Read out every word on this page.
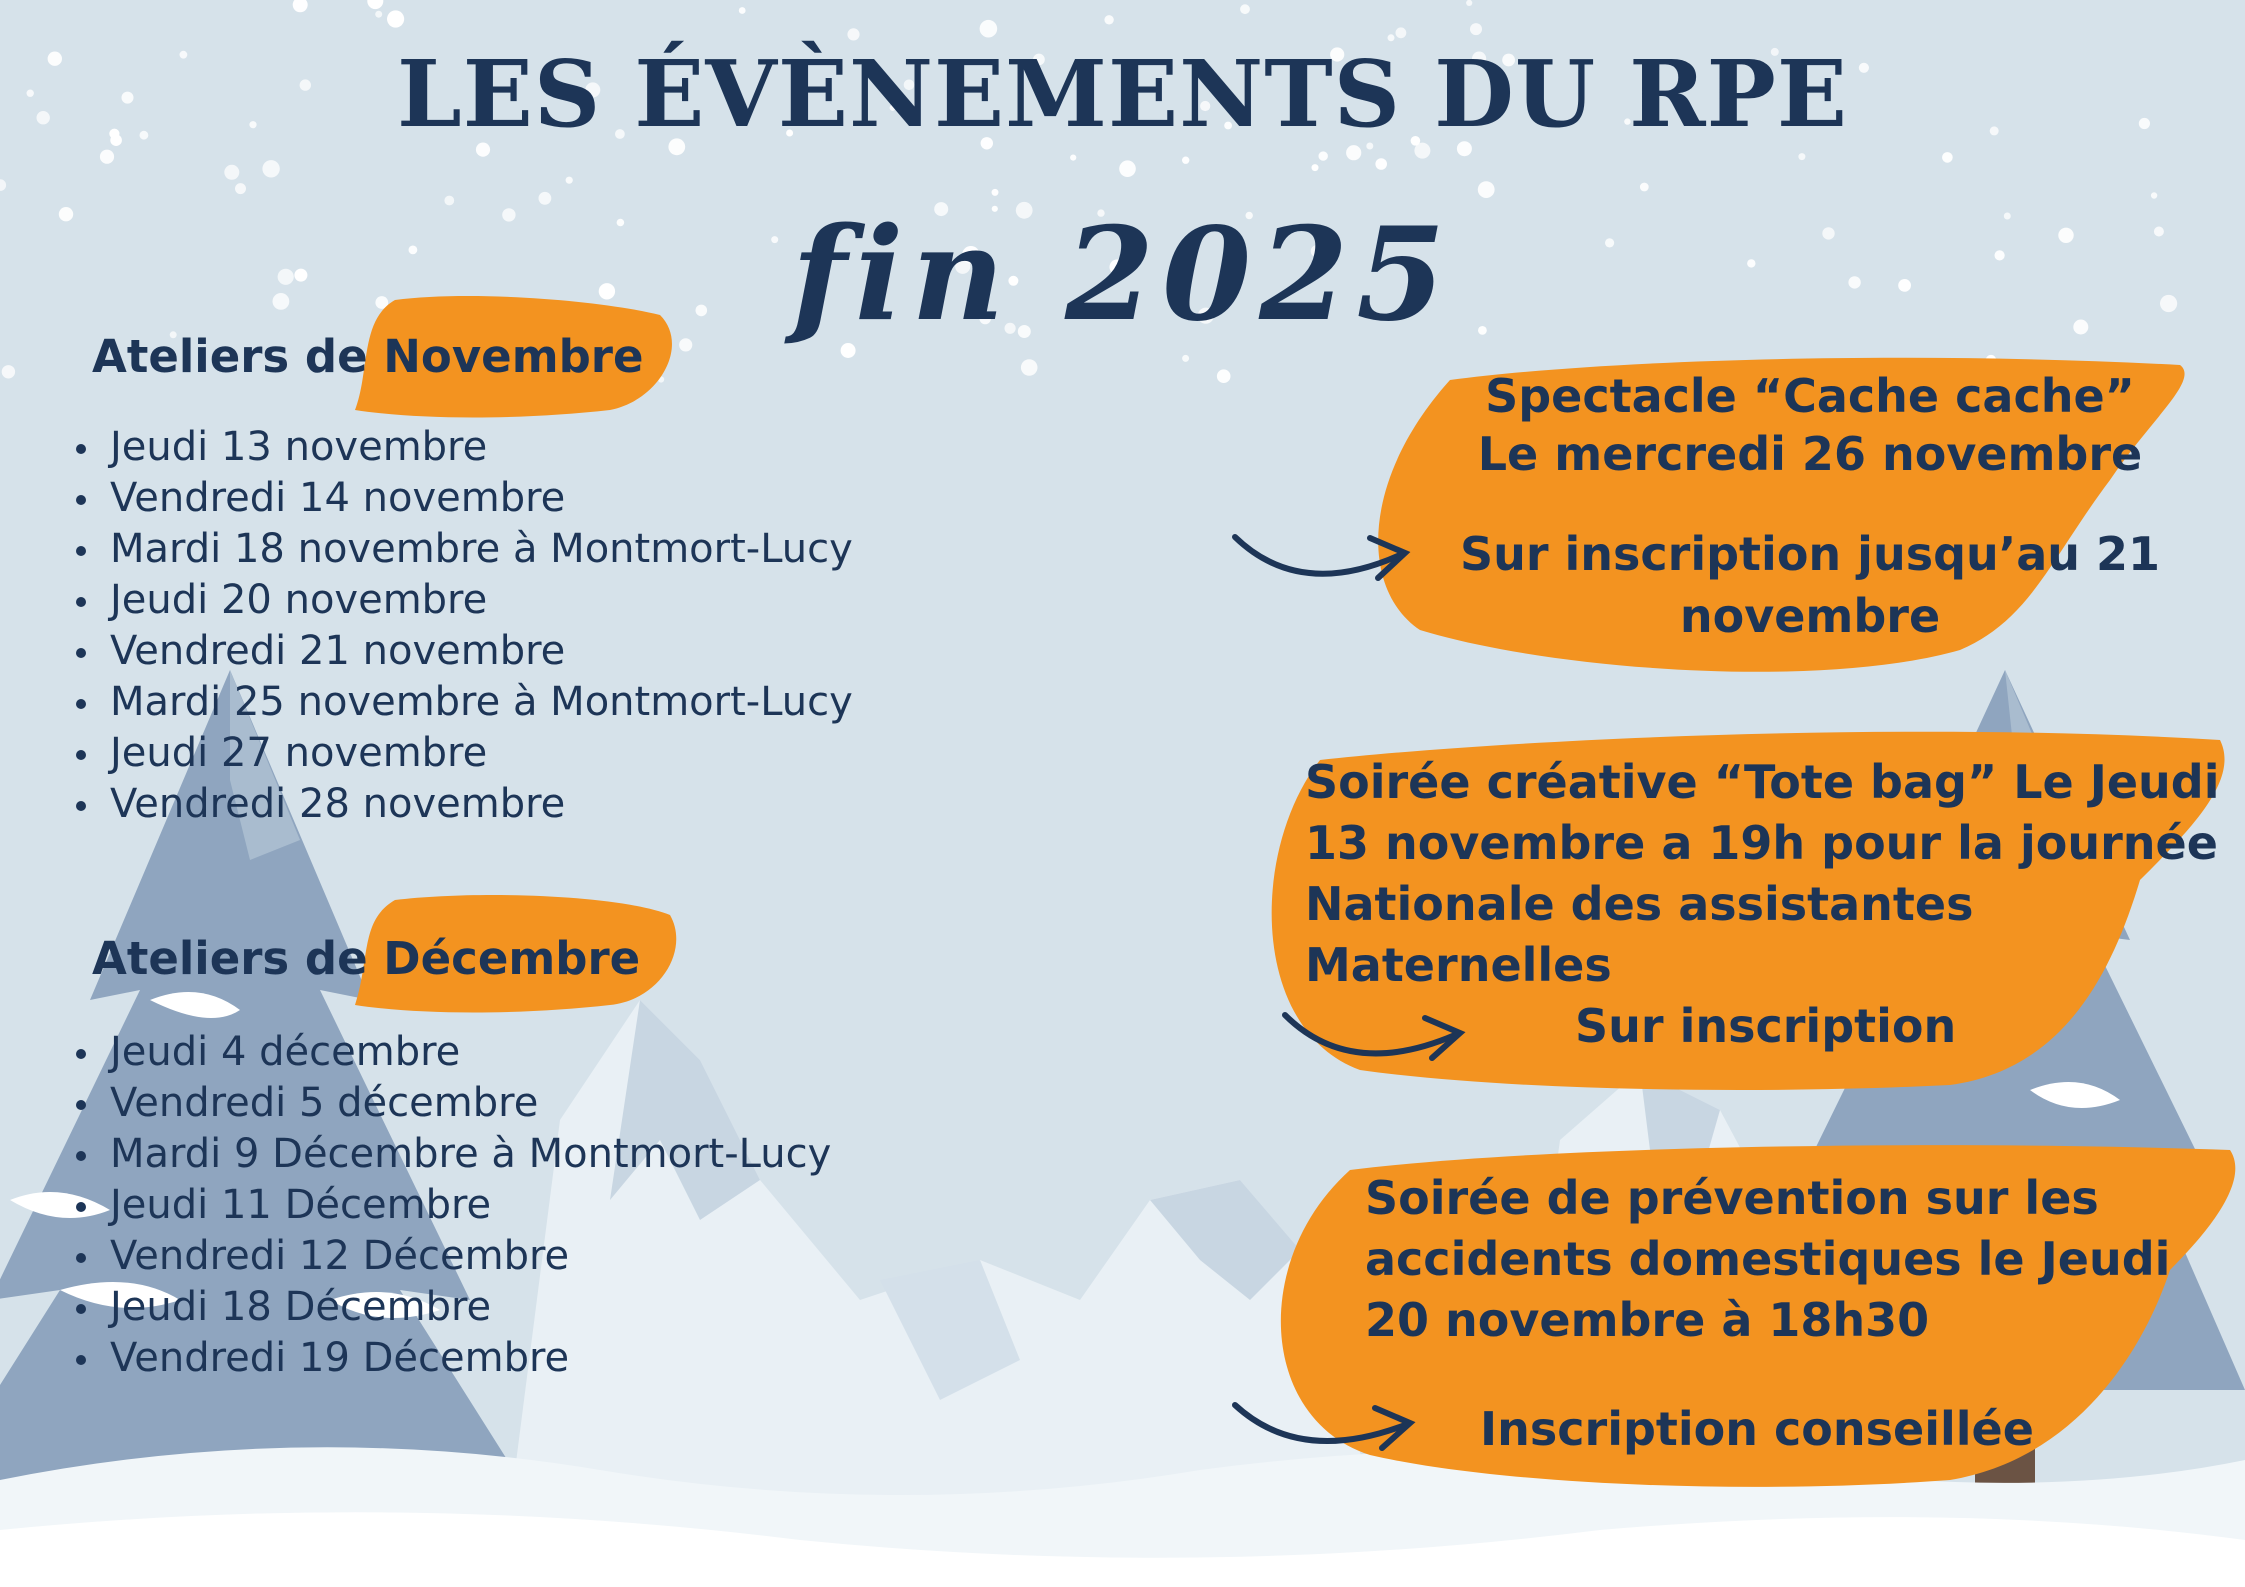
LES ÉVÈNEMENTS DU RPE
fin 2025
Ateliers de Novembre
Jeudi 13 novembre
Vendredi 14 novembre
Mardi 18 novembre à Montmort-Lucy
Jeudi 20 novembre
Vendredi 21 novembre
Mardi 25 novembre à Montmort-Lucy
Jeudi 27 novembre
Vendredi 28 novembre
Ateliers de Décembre
Jeudi 4 décembre
Vendredi 5 décembre
Mardi 9 Décembre à Montmort-Lucy
Jeudi 11 Décembre
Vendredi 12 Décembre
Jeudi 18 Décembre
Vendredi 19 Décembre
Spectacle “Cache cache”
Le mercredi 26 novembre
Sur inscription jusqu’au 21
novembre
Soirée créative “Tote bag” Le Jeudi
13 novembre a 19h pour la journée
Nationale des assistantes
Maternelles
Sur inscription
Soirée de prévention sur les
accidents domestiques le Jeudi
20 novembre à 18h30
Inscription conseillée
